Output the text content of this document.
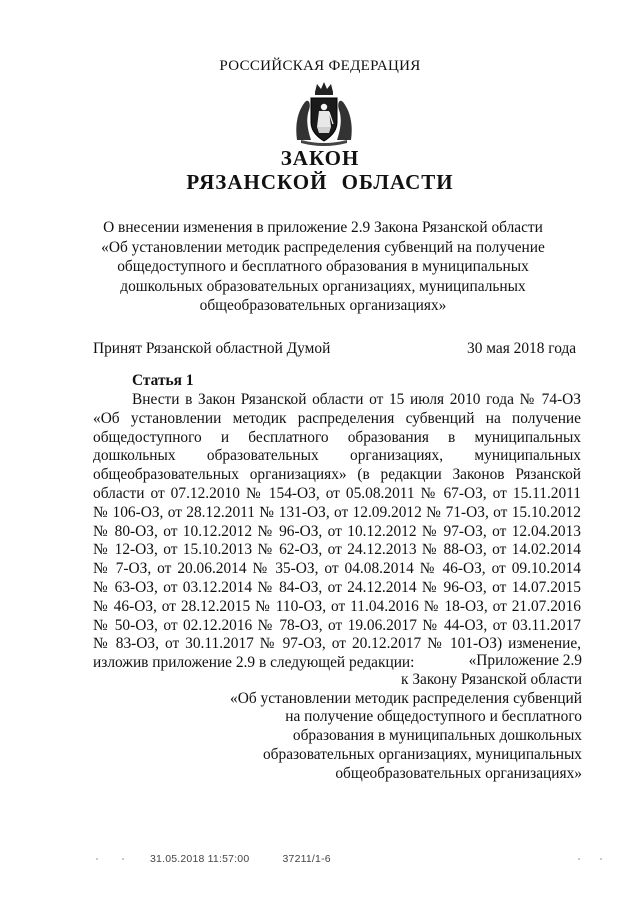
РОССИЙСКАЯ ФЕДЕРАЦИЯ
ЗАКОН
РЯЗАНСКОЙ ОБЛАСТИ
О внесении изменения в приложение 2.9 Закона Рязанской области
«Об установлении методик распределения субвенций на получение
общедоступного и бесплатного образования в муниципальных
дошкольных образовательных организациях, муниципальных
общеобразовательных организациях»
Принят Рязанской областной Думой	30 мая 2018 года
Статья 1
Внести в Закон Рязанской области от 15 июля 2010 года № 74-ОЗ
«Об установлении методик распределения субвенций на получение
общедоступного и бесплатного образования в муниципальных
дошкольных образовательных организациях, муниципальных
общеобразовательных организациях» (в редакции Законов Рязанской
области от 07.12.2010 № 154-ОЗ, от 05.08.2011 № 67-ОЗ, от 15.11.2011
№ 106-ОЗ, от 28.12.2011 № 131-ОЗ, от 12.09.2012 № 71-ОЗ, от 15.10.2012
№ 80-ОЗ, от 10.12.2012 № 96-ОЗ, от 10.12.2012 № 97-ОЗ, от 12.04.2013
№ 12-ОЗ, от 15.10.2013 № 62-ОЗ, от 24.12.2013 № 88-ОЗ, от 14.02.2014
№ 7-ОЗ, от 20.06.2014 № 35-ОЗ, от 04.08.2014 № 46-ОЗ, от 09.10.2014
№ 63-ОЗ, от 03.12.2014 № 84-ОЗ, от 24.12.2014 № 96-ОЗ, от 14.07.2015
№ 46-ОЗ, от 28.12.2015 № 110-ОЗ, от 11.04.2016 № 18-ОЗ, от 21.07.2016
№ 50-ОЗ, от 02.12.2016 № 78-ОЗ, от 19.06.2017 № 44-ОЗ, от 03.11.2017
№ 83-ОЗ, от 30.11.2017 № 97-ОЗ, от 20.12.2017 № 101-ОЗ) изменение,
изложив приложение 2.9 в следующей редакции:	«Приложение 2.9
к Закону Рязанской области
«Об установлении методик распределения субвенций
на получение общедоступного и бесплатного
образования в муниципальных дошкольных
образовательных организациях, муниципальных
общеобразовательных организациях»
31.05.2018 11:57:00	37211/1-6
